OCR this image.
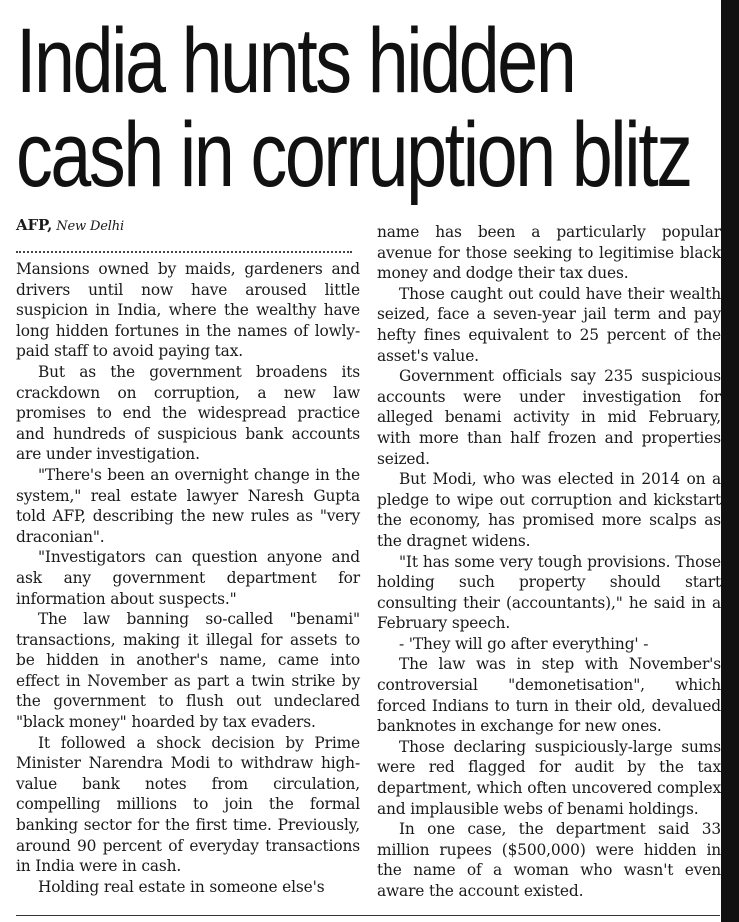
India hunts hidden cash in corruption blitz
AFP, New Delhi

Mansions owned by maids, gardeners and drivers until now have aroused little suspicion in India, where the wealthy have long hidden fortunes in the names of lowly-paid staff to avoid paying tax.

But as the government broadens its crackdown on corruption, a new law promises to end the widespread practice and hundreds of suspicious bank accounts are under investigation.

"There's been an overnight change in the system," real estate lawyer Naresh Gupta told AFP, describing the new rules as "very draconian".

"Investigators can question anyone and ask any government department for information about suspects."

The law banning so-called "benami" transactions, making it illegal for assets to be hidden in another's name, came into effect in November as part a twin strike by the government to flush out undeclared "black money" hoarded by tax evaders.

It followed a shock decision by Prime Minister Narendra Modi to withdraw high-value bank notes from circulation, compelling millions to join the formal banking sector for the first time. Previously, around 90 percent of everyday transactions in India were in cash.

Holding real estate in someone else's

name has been a particularly popular avenue for those seeking to legitimise black money and dodge their tax dues.

Those caught out could have their wealth seized, face a seven-year jail term and pay hefty fines equivalent to 25 percent of the asset's value.

Government officials say 235 suspicious accounts were under investigation for alleged benami activity in mid February, with more than half frozen and properties seized.

But Modi, who was elected in 2014 on a pledge to wipe out corruption and kickstart the economy, has promised more scalps as the dragnet widens.

"It has some very tough provisions. Those holding such property should start consulting their (accountants)," he said in a February speech.

- 'They will go after everything' -

The law was in step with November's controversial "demonetisation", which forced Indians to turn in their old, devalued banknotes in exchange for new ones.

Those declaring suspiciously-large sums were red flagged for audit by the tax department, which often uncovered complex and implausible webs of benami holdings.

In one case, the department said 33 million rupees ($500,000) were hidden in the name of a woman who wasn't even aware the account existed.
